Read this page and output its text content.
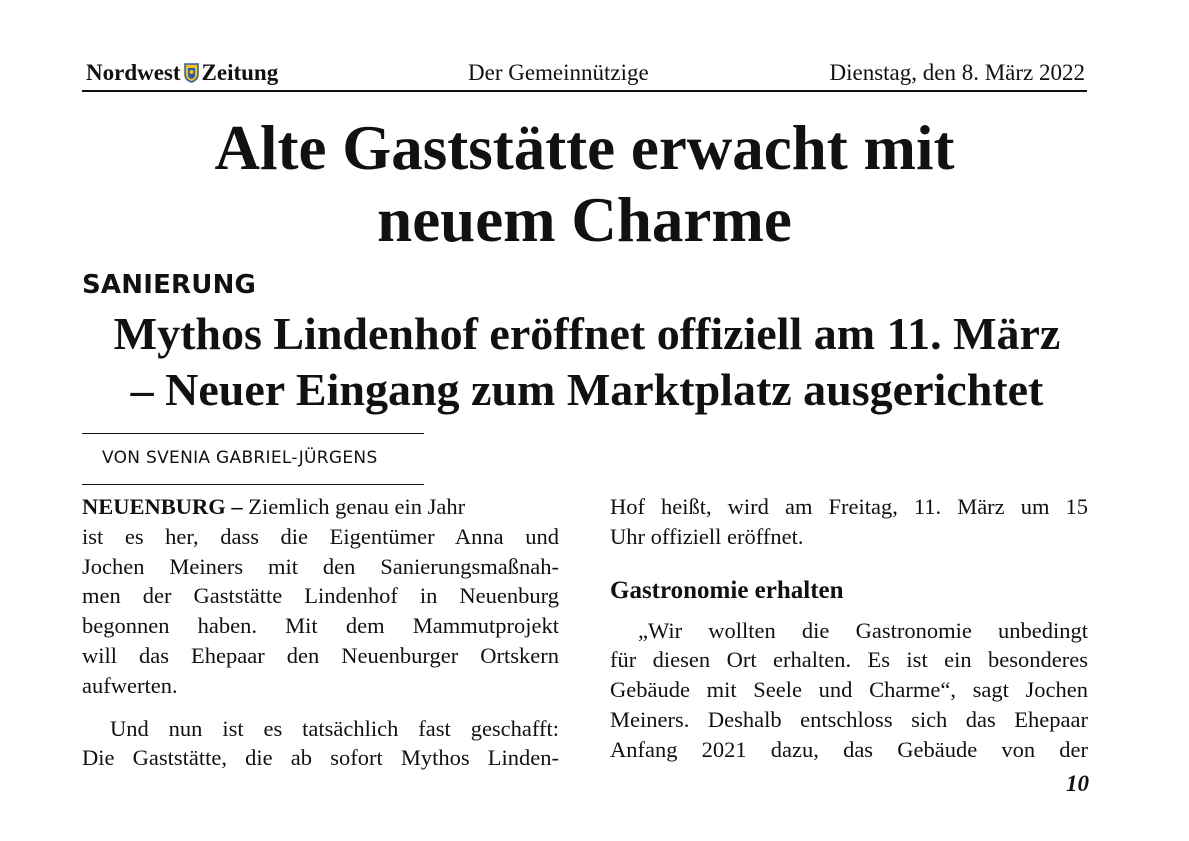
Nordwest Zeitung	Der Gemeinnützige	Dienstag, den 8. März 2022
Alte Gaststätte erwacht mit
neuem Charme
SANIERUNG
Mythos Lindenhof eröffnet offiziell am 11. März
– Neuer Eingang zum Marktplatz ausgerichtet
VON SVENIA GABRIEL-JÜRGENS

NEUENBURG – Ziemlich genau ein Jahr

ist es her, dass die Eigentümer Anna und
Jochen Meiners mit den Sanierungsmaßnah-
men der Gaststätte Lindenhof in Neuenburg
begonnen haben. Mit dem Mammutprojekt
will das Ehepaar den Neuenburger Ortskern
aufwerten.
Und nun ist es tatsächlich fast geschafft:
Die Gaststätte, die ab sofort Mythos Linden-
Hof heißt, wird am Freitag, 11. März um 15
Uhr offiziell eröffnet.

Gastronomie erhalten

„Wir wollten die Gastronomie unbedingt
für diesen Ort erhalten. Es ist ein besonderes
Gebäude mit Seele und Charme“, sagt Jochen
Meiners. Deshalb entschloss sich das Ehepaar
Anfang 2021 dazu, das Gebäude von der
10
